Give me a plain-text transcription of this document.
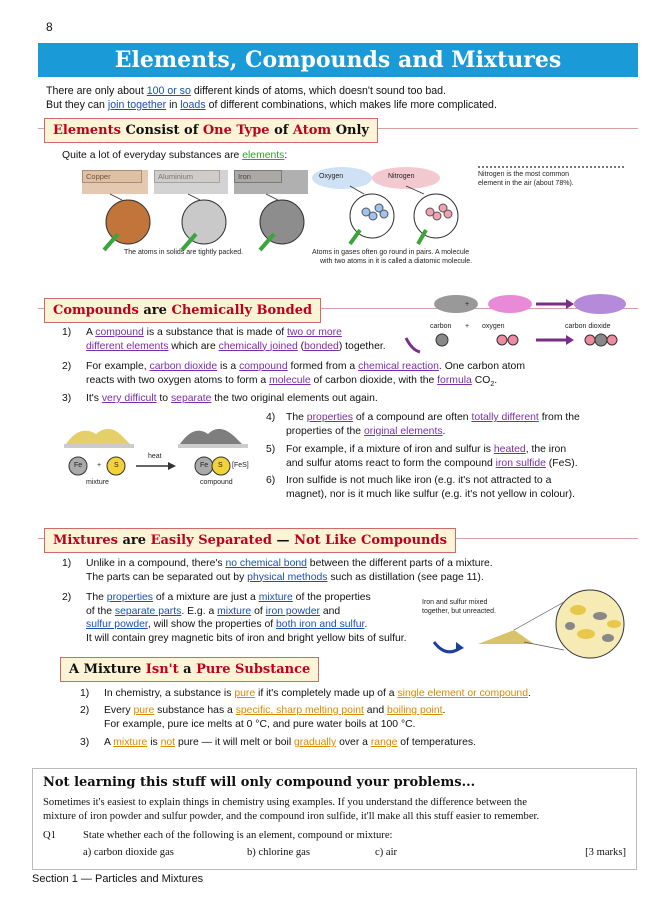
8
Elements, Compounds and Mixtures
There are only about 100 or so different kinds of atoms, which doesn't sound too bad.
But they can join together in loads of different combinations, which makes life more complicated.
Elements Consist of One Type of Atom Only
Quite a lot of everyday substances are elements:
The atoms in solids are tightly packed.
Oxygen	Nitrogen
Atoms in gases often go round in pairs. A molecule
with two atoms in it is called a diatomic molecule.
Nitrogen is the most common
element in the air (about 78%).
Compounds are Chemically Bonded	+
carbon + oxygen	carbon dioxide
1) A compound is a substance that is made of two or more
different elements which are chemically joined (bonded) together.
2) For example, carbon dioxide is a compound formed from a chemical reaction. One carbon atom
reacts with two oxygen atoms to form a molecule of carbon dioxide, with the formula $CO_2$.
3) It's very difficult to separate the two original elements out again.
4) The properties of a compound are often totally different from the
properties of the original elements.
5) For example, if a mixture of iron and sulfur is heated, the iron
and sulfur atoms react to form the compound iron sulfide (FeS).
6) Iron sulfide is not much like iron (e.g. it's not attracted to a
magnet), nor is it much like sulfur (e.g. it's not yellow in colour).
Fe + S
heat
Fe S [FeS]
mixture	compound
Mixtures are Easily Separated — Not Like Compounds
1) Unlike in a compound, there's no chemical bond between the different parts of a mixture.
The parts can be separated out by physical methods such as distillation (see page 11).
2) The properties of a mixture are just a mixture of the properties
of the separate parts. E.g. a mixture of iron powder and
sulfur powder, will show the properties of both iron and sulfur.
It will contain grey magnetic bits of iron and bright yellow bits of sulfur.
Iron and sulfur mixed
together, but unreacted.
A Mixture Isn't a Pure Substance
1) In chemistry, a substance is pure if it's completely made up of a single element or compound.
2) Every pure substance has a specific, sharp melting point and boiling point.
For example, pure ice melts at 0 °C, and pure water boils at 100 °C.
3) A mixture is not pure — it will melt or boil gradually over a range of temperatures.
Not learning this stuff will only compound your problems...
Sometimes it's easiest to explain things in chemistry using examples. If you understand the difference between the
mixture of iron powder and sulfur powder, and the compound iron sulfide, it'll make all this stuff easier to remember.
Q1	State whether each of the following is an element, compound or mixture:
a) carbon dioxide gas	b) chlorine gas	c) air	[3 marks]
Section 1 — Particles and Mixtures
